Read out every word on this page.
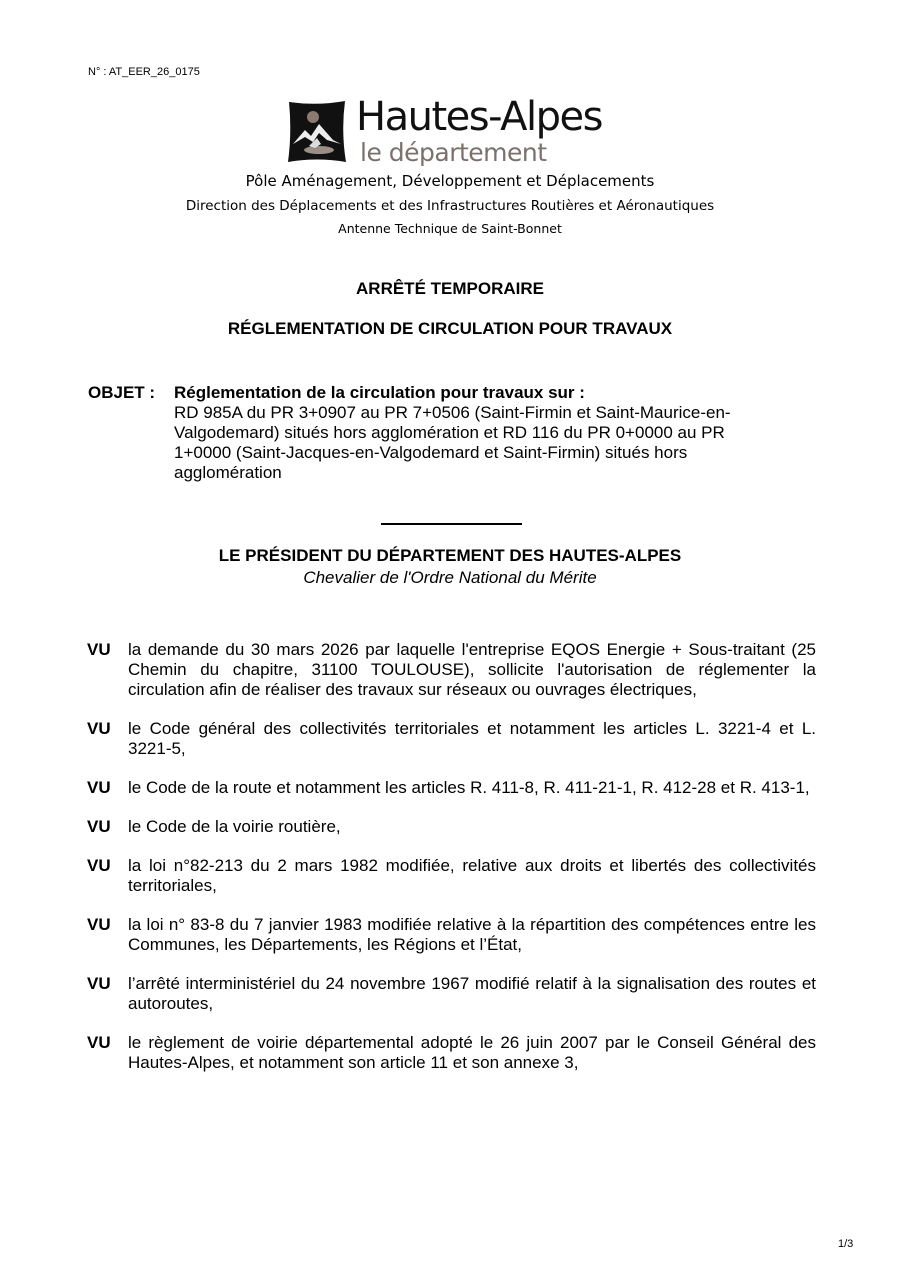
N° : AT_EER_26_0175
Hautes-Alpes
le département
Pôle Aménagement, Développement et Déplacements
Direction des Déplacements et des Infrastructures Routières et Aéronautiques
Antenne Technique de Saint-Bonnet
ARRÊTÉ TEMPORAIRE
RÉGLEMENTATION DE CIRCULATION POUR TRAVAUX
OBJET : Réglementation de la circulation pour travaux sur :
RD 985A du PR 3+0907 au PR 7+0506 (Saint-Firmin et Saint-Maurice-en-Valgodemard) situés hors agglomération et RD 116 du PR 0+0000 au PR 1+0000 (Saint-Jacques-en-Valgodemard et Saint-Firmin) situés hors agglomération
LE PRÉSIDENT DU DÉPARTEMENT DES HAUTES-ALPES
Chevalier de l'Ordre National du Mérite
VU	la demande du 30 mars 2026 par laquelle l'entreprise EQOS Energie + Sous-traitant (25 Chemin du chapitre, 31100 TOULOUSE), sollicite l'autorisation de réglementer la circulation afin de réaliser des travaux sur réseaux ou ouvrages électriques,
VU	le Code général des collectivités territoriales et notamment les articles L. 3221-4 et L. 3221-5,
VU	le Code de la route et notamment les articles R. 411-8, R. 411-21-1, R. 412-28 et R. 413-1,
VU	le Code de la voirie routière,
VU	la loi n°82-213 du 2 mars 1982 modifiée, relative aux droits et libertés des collectivités territoriales,
VU	la loi n° 83-8 du 7 janvier 1983 modifiée relative à la répartition des compétences entre les Communes, les Départements, les Régions et l’État,
VU	l’arrêté interministériel du 24 novembre 1967 modifié relatif à la signalisation des routes et autoroutes,
VU	le règlement de voirie départemental adopté le 26 juin 2007 par le Conseil Général des Hautes-Alpes, et notamment son article 11 et son annexe 3,
1/3
